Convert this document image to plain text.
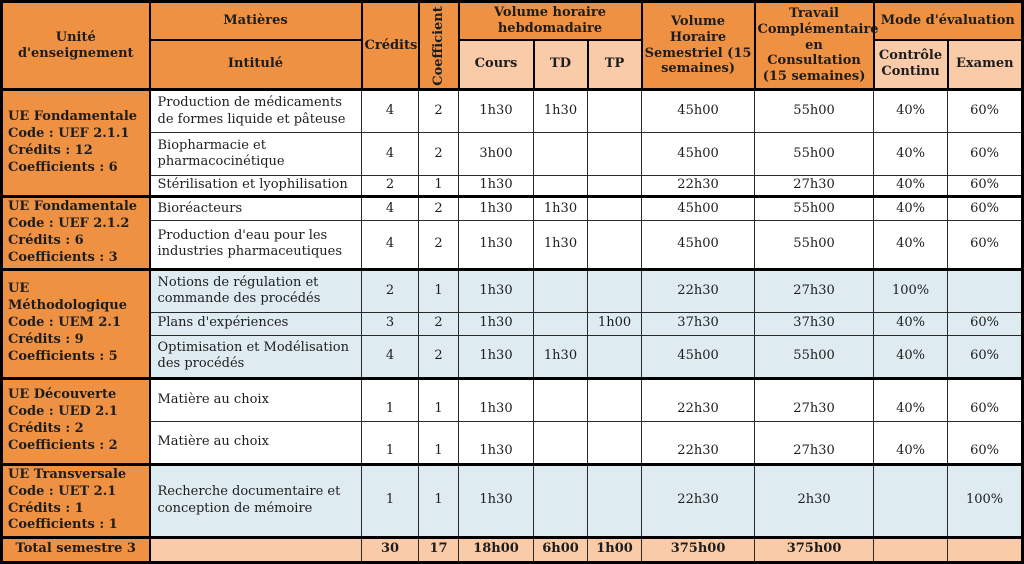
Unité d'enseignement	Matières	Crédits	Coefficient	Volume horaire hebdomadaire			Volume Horaire Semestriel (15 semaines)	Travail Complémentaire en Consultation (15 semaines)	Mode d'évaluation	
	Intitulé			Cours	TD	TP			Contrôle Continu	Examen

UE Fondamentale
Code : UEF 2.1.1
Crédits : 12
Coefficients : 6	Production de médicaments de formes liquide et pâteuse	4	2	1h30	1h30		45h00	55h00	40%	60%
	Biopharmacie et pharmacocinétique	4	2	3h00			45h00	55h00	40%	60%
	Stérilisation et lyophilisation	2	1	1h30			22h30	27h30	40%	60%

UE Fondamentale
Code : UEF 2.1.2
Crédits : 6
Coefficients : 3	Bioréacteurs	4	2	1h30	1h30		45h00	55h00	40%	60%
	Production d'eau pour les industries pharmaceutiques	4	2	1h30	1h30		45h00	55h00	40%	60%

UE Méthodologique
Code : UEM 2.1
Crédits : 9
Coefficients : 5	Notions de régulation et commande des procédés	2	1	1h30			22h30	27h30	100%	
	Plans d'expériences	3	2	1h30		1h00	37h30	37h30	40%	60%
	Optimisation et Modélisation des procédés	4	2	1h30	1h30		45h00	55h00	40%	60%

UE Découverte
Code : UED 2.1
Crédits : 2
Coefficients : 2	Matière au choix	1	1	1h30			22h30	27h30	40%	60%
	Matière au choix	1	1	1h30			22h30	27h30	40%	60%

UE Transversale
Code : UET 2.1
Crédits : 1
Coefficients : 1	Recherche documentaire et conception de mémoire	1	1	1h30			22h30	2h30		100%
Total semestre 3		30	17	18h00	6h00	1h00	375h00	375h00		
